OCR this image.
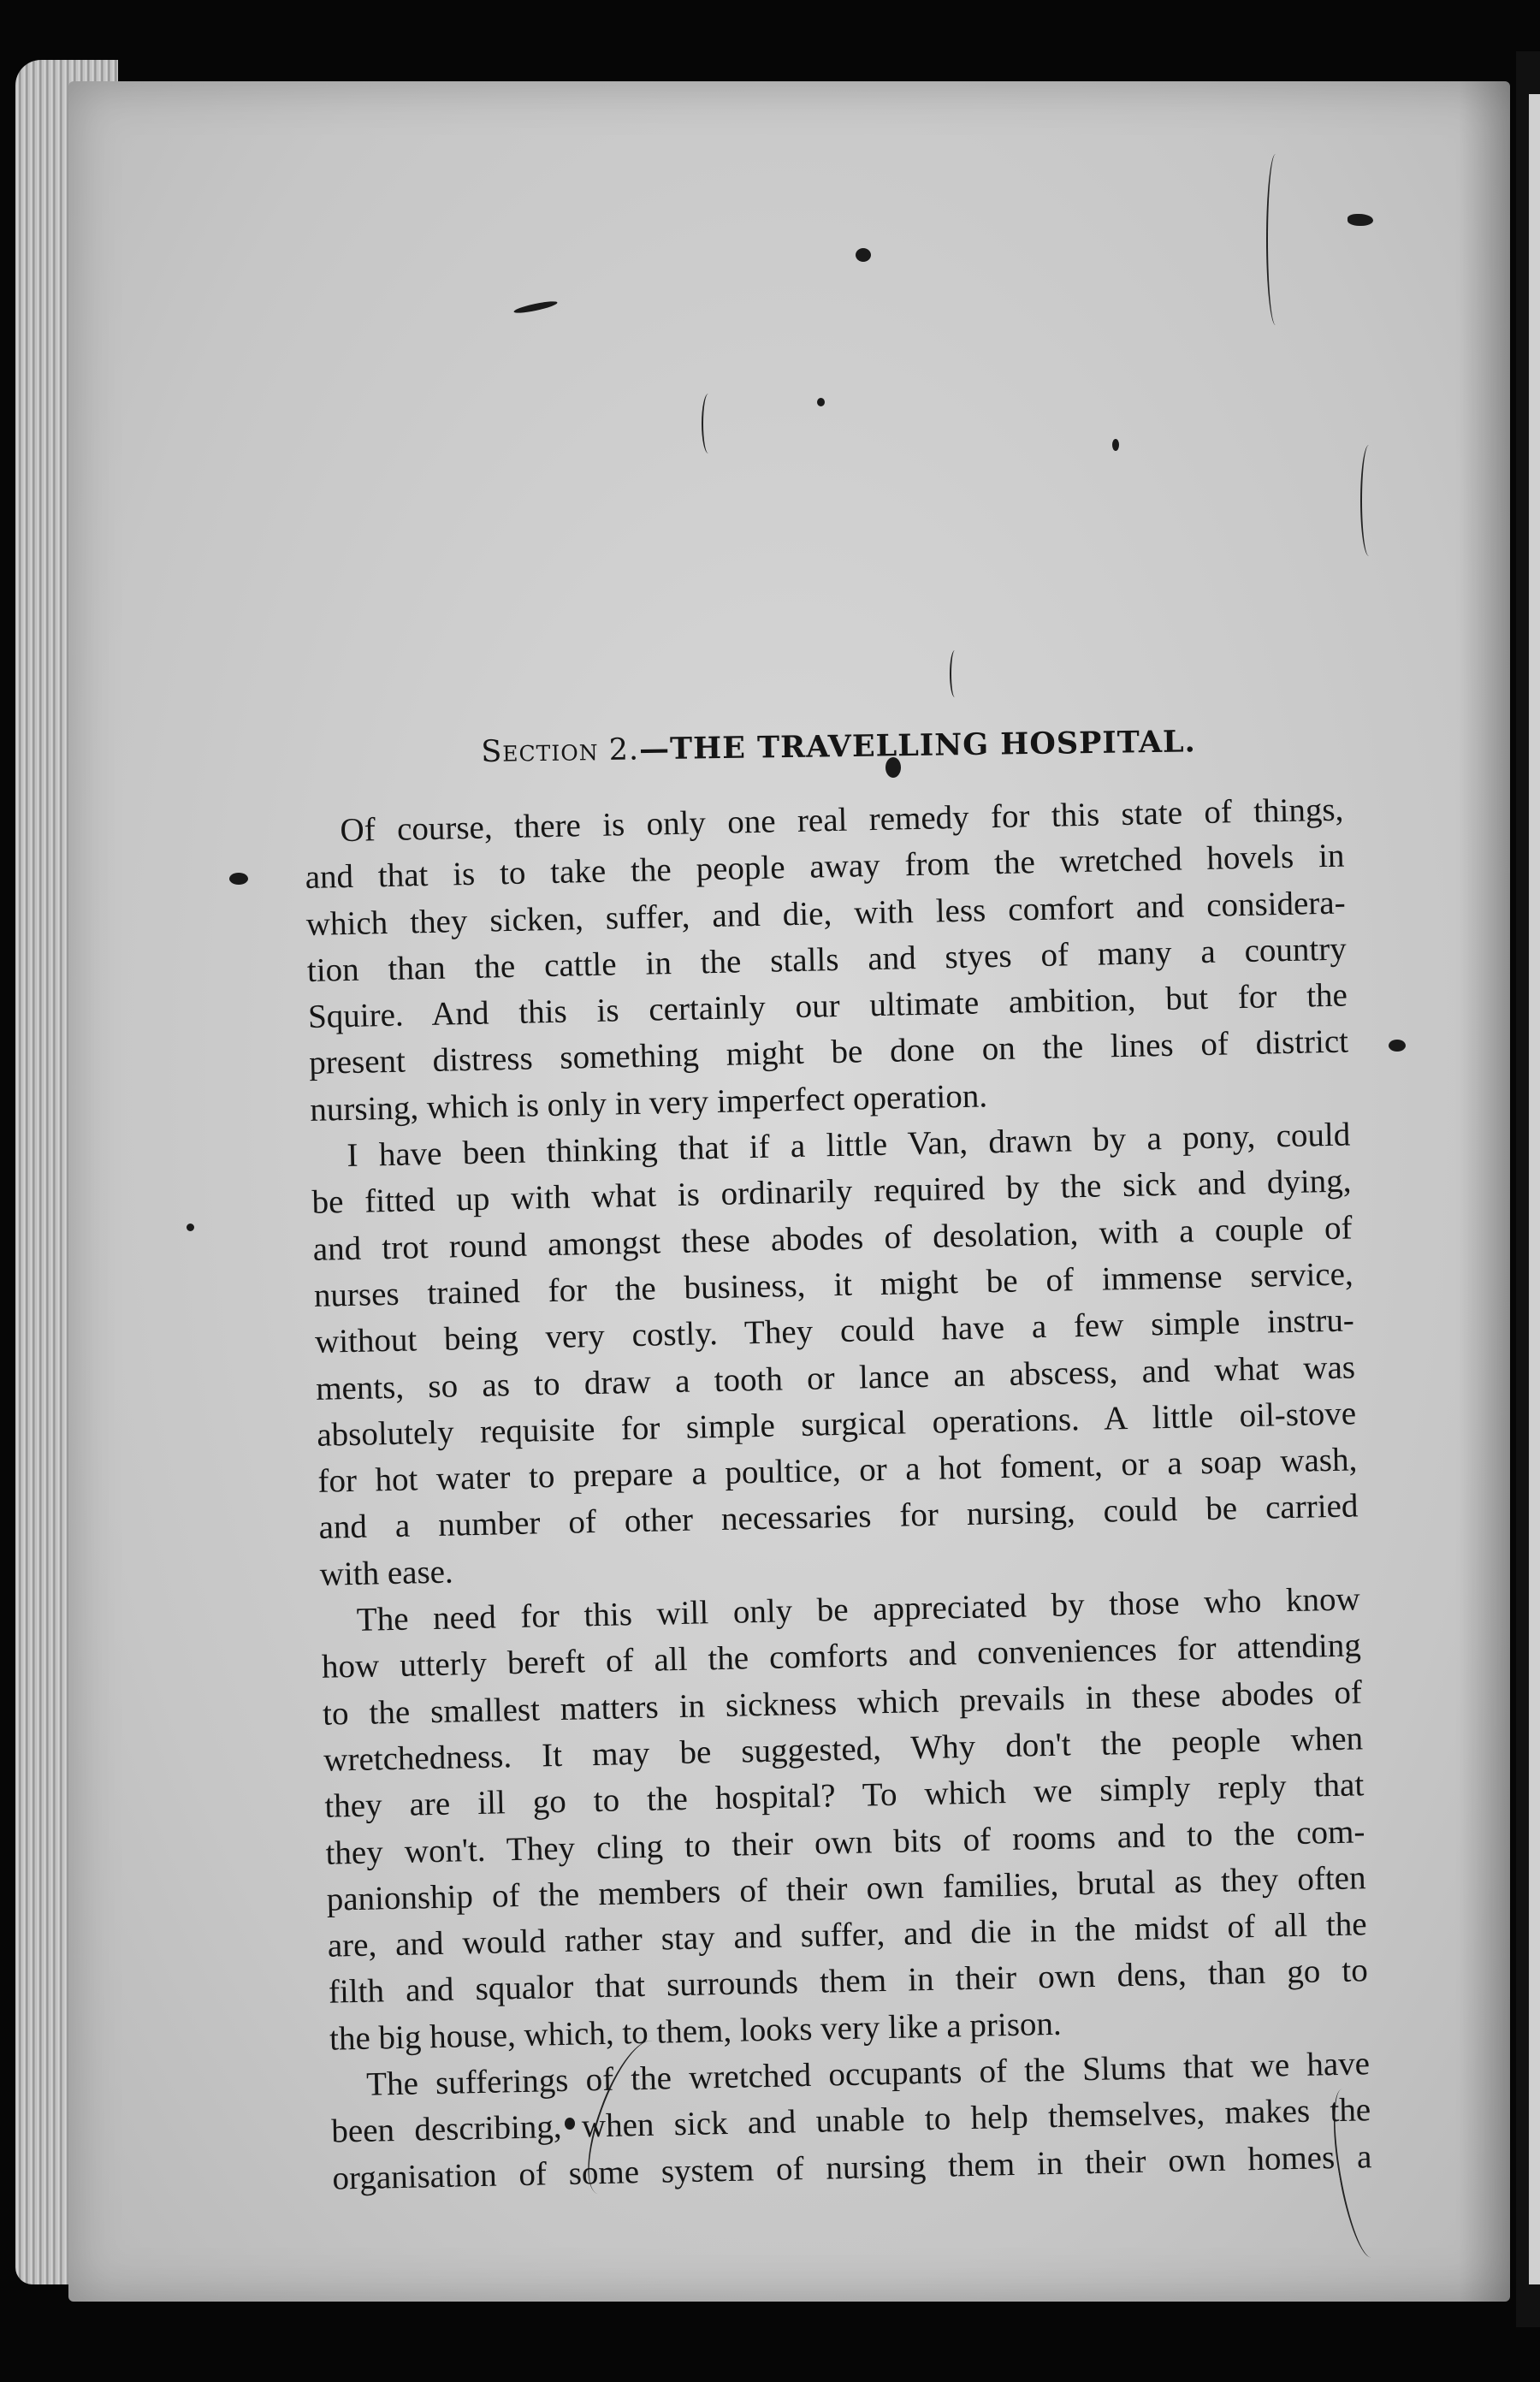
Section 2.—THE TRAVELLING HOSPITAL.
Of course, there is only one real remedy for this state of things,
and that is to take the people away from the wretched hovels in
which they sicken, suffer, and die, with less comfort and considera-
tion than the cattle in the stalls and styes of many a country
Squire. And this is certainly our ultimate ambition, but for the
present distress something might be done on the lines of district
nursing, which is only in very imperfect operation.
I have been thinking that if a little Van, drawn by a pony, could
be fitted up with what is ordinarily required by the sick and dying,
and trot round amongst these abodes of desolation, with a couple of
nurses trained for the business, it might be of immense service,
without being very costly. They could have a few simple instru-
ments, so as to draw a tooth or lance an abscess, and what was
absolutely requisite for simple surgical operations. A little oil-stove
for hot water to prepare a poultice, or a hot foment, or a soap wash,
and a number of other necessaries for nursing, could be carried
with ease.
The need for this will only be appreciated by those who know
how utterly bereft of all the comforts and conveniences for attending
to the smallest matters in sickness which prevails in these abodes of
wretchedness. It may be suggested, Why don't the people when
they are ill go to the hospital? To which we simply reply that
they won't. They cling to their own bits of rooms and to the com-
panionship of the members of their own families, brutal as they often
are, and would rather stay and suffer, and die in the midst of all the
filth and squalor that surrounds them in their own dens, than go to
the big house, which, to them, looks very like a prison.
The sufferings of the wretched occupants of the Slums that we have
been describing, when sick and unable to help themselves, makes the
organisation of some system of nursing them in their own homes a
